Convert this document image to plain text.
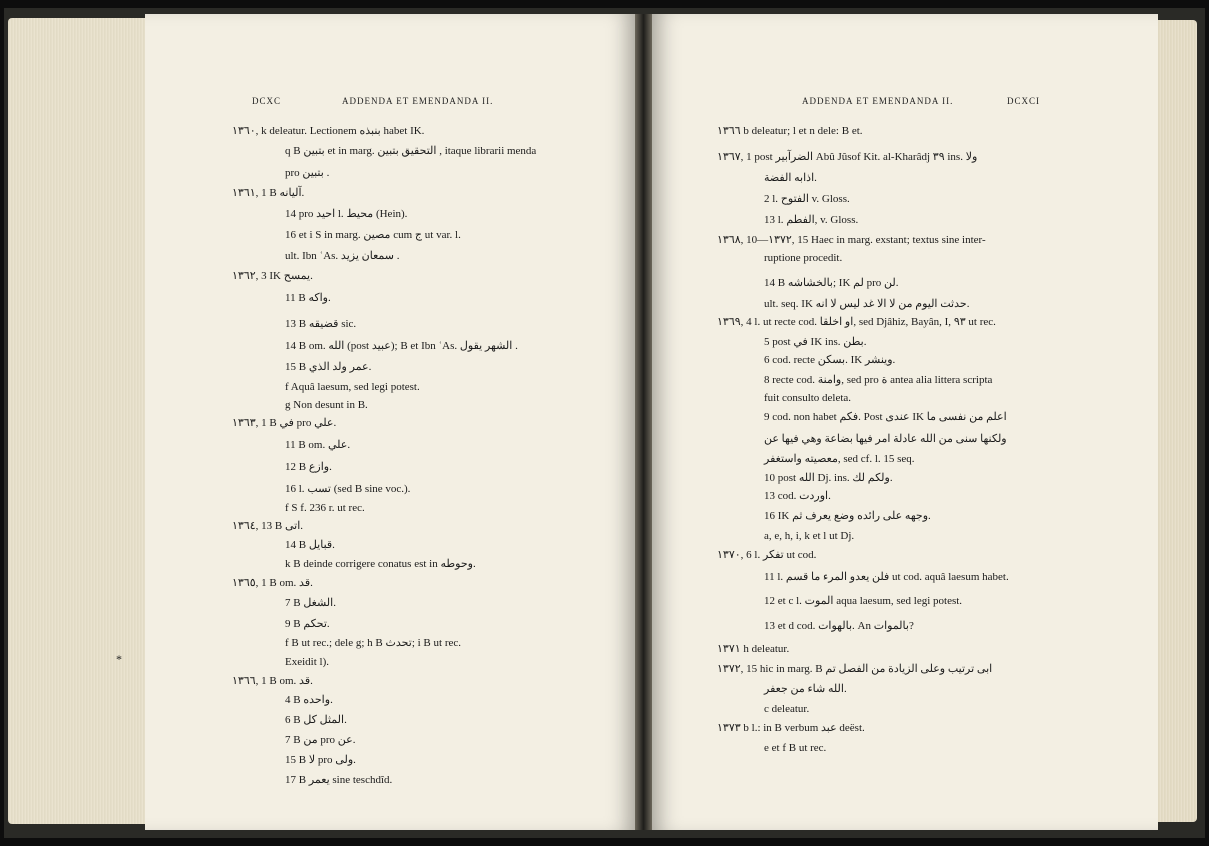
DCXC	ADDENDA ET EMENDANDA II.
١٣٦٠, k deleatur. Lectionem ﺑﻨﺒﺬﻩ habet IK.
q B ﺑﺘﺒﻴﻦ et in marg. ﺍﻟﺘﺤﻘﻴﻖ ﺑﺘﺒﻴﻦ , itaque librarii menda
pro ﺑﺘﺒﻴﻦ .
١٣٦١, 1 B ﺁﻟﻴﺎﻧﻪ.
14 pro ﺍﺣﻴﺪ l. ﻣﺤﻴﻂ (Hein).
16 et i S in marg. ﻣﺼﻴﻦ cum ﺝ ut var. l.
ult. Ibn ʿAs. ﺳﻤﻌﺎﻥ ﻳﺰﻳﺪ .
١٣٦٢, 3 IK ﻳﻤﺴﺢ.
11 B ﻭﺍﻛﻪ.
13 B ﻗﻀﻴﻘﻪ sic.
14 B om. ﺍﻟﻠﻪ (post ﻋﺒﻴﺪ); B et Ibn ʿAs. ﺍﻟﺸﻬﺮ ﻳﻘﻮﻝ .
15 B ﻋﻤﺮ ﻭﻟﺪ ﺍﻟﺬﻱ.
f Aquâ laesum, sed legi potest.
g Non desunt in B.
١٣٦٣, 1 B ﻓﻲ pro ﻋﻠﻲ.
11 B om. ﻋﻠﻲ.
12 B ﻭﺍﺯﻉ.
16 l. ﺗﺴﺐ (sed B sine voc.).
f S f. 236 r. ut rec.
١٣٦٤, 13 B ﺍﺗﻰ.
14 B ﻗﺒﺎﻳﻞ.
k B deinde corrigere conatus est in ﻭﺣﻮﻃﻪ.
١٣٦٥, 1 B om. ﻗﺪ.
7 B ﺍﻟﺸﻐﻞ.
9 B ﺗﺤﻜﻢ.
f B ut rec.; dele g; h B ﺗﺤﺪﺙ; i B ut rec.
Exeidit l).
١٣٦٦, 1 B om. ﻗﺪ.
4 B ﻭﺍﺣﺪﻩ.
6 B ﺍﻟﻤﺜﻞ ﻛﻞ.
7 B ﻣﻦ pro ﻋﻦ.
15 B ﻻ pro ﻭﻟﻰ.
17 B ﻳﻌﻤﺮ sine teschdîd.
*
ADDENDA ET EMENDANDA II.	DCXCI
١٣٦٦ b deleatur; l et n dele: B et.
١٣٦٧, 1 post ﺍﻟﻀﺮﺁﺑﻴﺮ Abû Jûsof Kit. al-Kharâdj ٣٩ ins. ﻭﻻ
ﺍﺫﺍﺑﻪ ﺍﻟﻔﻀﺔ.
2 l. ﺍﻟﻔﺘﻮﺡ v. Gloss.
13 l. ﺍﻟﻔﻄﻢ, v. Gloss.
١٣٦٨, 10—١٣٧٢, 15 Haec in marg. exstant; textus sine inter-
ruptione procedit.
14 B ﺑﺎﻟﺨﺸﺎﺷﻪ; IK ﻟﻢ pro ﻟﻦ.
ult. seq. IK ﺣﺪﺛﺖ ﺍﻟﻴﻮﻡ ﻣﻦ ﻻ ﺍﻻ ﻏﺪ ﻟﻴﺲ ﻻ ﺍﻧﻪ.
١٣٦٩, 4 l. ut recte cod. ﺍﻭ ﺍﺧﻠﻘﺎ, sed Djâhiz, Bayân, I, ٩٣ ut rec.
5 post ﻓﻲ IK ins. ﺑﻄﻦ.
6 cod. recte ﺑﺴﻜﻦ. IK ﻭﻳﻨﺸﺮ.
8 recte cod. ﻭﺍﻣﻨﺔ, sed pro ﺓ antea alia littera scripta
fuit consulto deleta.
9 cod. non habet ﻓﻜﻢ. Post ﻋﻨﺪﻯ IK ﺍﻋﻠﻢ ﻣﻦ ﻧﻔﺴﻰ ﻣﺎ
ﻭﻟﻜﻨﻬﺎ ﺳﻨﻰ ﻣﻦ ﺍﻟﻠﻪ ﻋﺎﺩﻟﺔ ﺍﻣﺮ ﻓﻴﻬﺎ ﺑﻀﺎﻋﺔ ﻭﻫﻲ ﻓﻴﻬﺎ ﻋﻦ
ﻣﻌﺼﻴﺘﻪ ﻭﺍﺳﺘﻐﻔﺮ, sed cf. l. 15 seq.
10 post ﺍﻟﻠﻪ Dj. ins. ﻭﻟﻜﻢ ﻟﻚ.
13 cod. ﺍﻭﺭﺩﺕ.
16 IK ﻭﺟﻬﻪ ﻋﻠﻰ ﺭﺍﺋﺪﻩ ﻭﺿﻊ ﻳﻌﺮﻑ ﺛﻢ.
a, e, h, i, k et l ut Dj.
١٣٧٠, 6 l. ﺗﻔﻜﺮ ut cod.
11 l. ﻓﻠﻦ ﻳﻌﺪﻭ ﺍﻟﻤﺮﺀ ﻣﺎ ﻗﺴﻢ ut cod. aquâ laesum habet.
12 et c l. ﺍﻟﻤﻮﺕ aqua laesum, sed legi potest.
13 et d cod. ﺑﺎﻟﻬﻮﺍﺕ. An ﺑﺎﻟﻤﻮﺍﺕ?
١٣٧١ h deleatur.
١٣٧٢, 15 hic in marg. B ﺍﺑﻰ ﺗﺮﺗﻴﺐ ﻭﻋﻠﻰ ﺍﻟﺰﻳﺎﺩﺓ ﻣﻦ ﺍﻟﻔﺼﻞ ﺗﻢ
ﺍﻟﻠﻪ ﺷﺎﺀ ﻣﻦ ﺟﻌﻔﺮ.
c deleatur.
١٣٧٣ b l.: in B verbum ﻋﺒﺪ deëst.
e et f B ut rec.
